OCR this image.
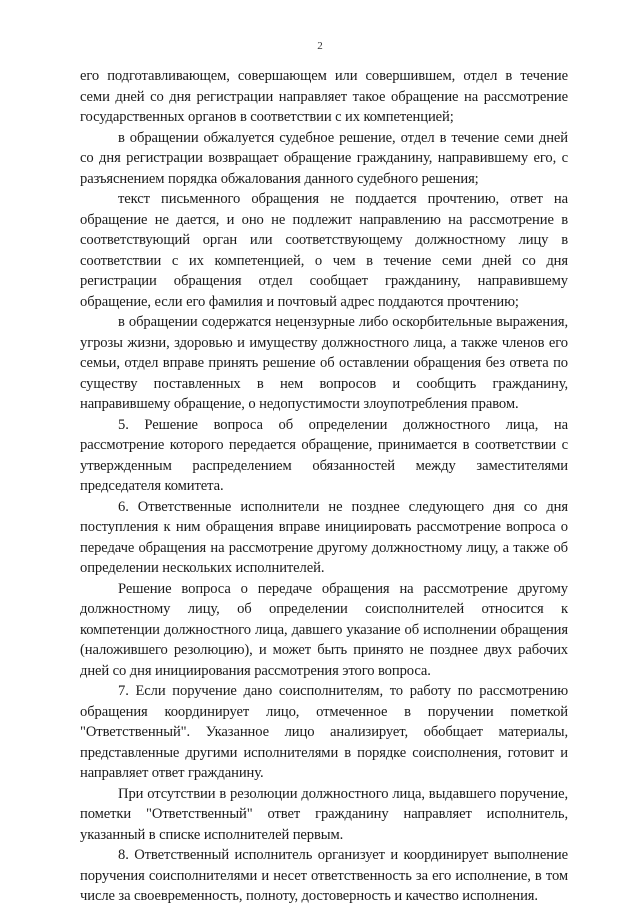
2

его подготавливающем, совершающем или совершившем, отдел в течение семи дней со дня регистрации направляет такое обращение на рассмотрение государственных органов в соответствии с их компетенцией;

в обращении обжалуется судебное решение, отдел в течение семи дней со дня регистрации возвращает обращение гражданину, направившему его, с разъяснением порядка обжалования данного судебного решения;

текст письменного обращения не поддается прочтению, ответ на обращение не дается, и оно не подлежит направлению на рассмотрение в соответствующий орган или соответствующему должностному лицу в соответствии с их компетенцией, о чем в течение семи дней со дня регистрации обращения отдел сообщает гражданину, направившему обращение, если его фамилия и почтовый адрес поддаются прочтению;

в обращении содержатся нецензурные либо оскорбительные выражения, угрозы жизни, здоровью и имуществу должностного лица, а также членов его семьи, отдел вправе принять решение об оставлении обращения без ответа по существу поставленных в нем вопросов и сообщить гражданину, направившему обращение, о недопустимости злоупотребления правом.

5. Решение вопроса об определении должностного лица, на рассмотрение которого передается обращение, принимается в соответствии с утвержденным распределением обязанностей между заместителями председателя комитета.

6. Ответственные исполнители не позднее следующего дня со дня поступления к ним обращения вправе инициировать рассмотрение вопроса о передаче обращения на рассмотрение другому должностному лицу, а также об определении нескольких исполнителей.

Решение вопроса о передаче обращения на рассмотрение другому должностному лицу, об определении соисполнителей относится к компетенции должностного лица, давшего указание об исполнении обращения (наложившего резолюцию), и может быть принято не позднее двух рабочих дней со дня инициирования рассмотрения этого вопроса.

7. Если поручение дано соисполнителям, то работу по рассмотрению обращения координирует лицо, отмеченное в поручении пометкой "Ответственный". Указанное лицо анализирует, обобщает материалы, представленные другими исполнителями в порядке соисполнения, готовит и направляет ответ гражданину.

При отсутствии в резолюции должностного лица, выдавшего поручение, пометки "Ответственный" ответ гражданину направляет исполнитель, указанный в списке исполнителей первым.

8. Ответственный исполнитель организует и координирует выполнение поручения соисполнителями и несет ответственность за его исполнение, в том числе за своевременность, полноту, достоверность и качество исполнения.
